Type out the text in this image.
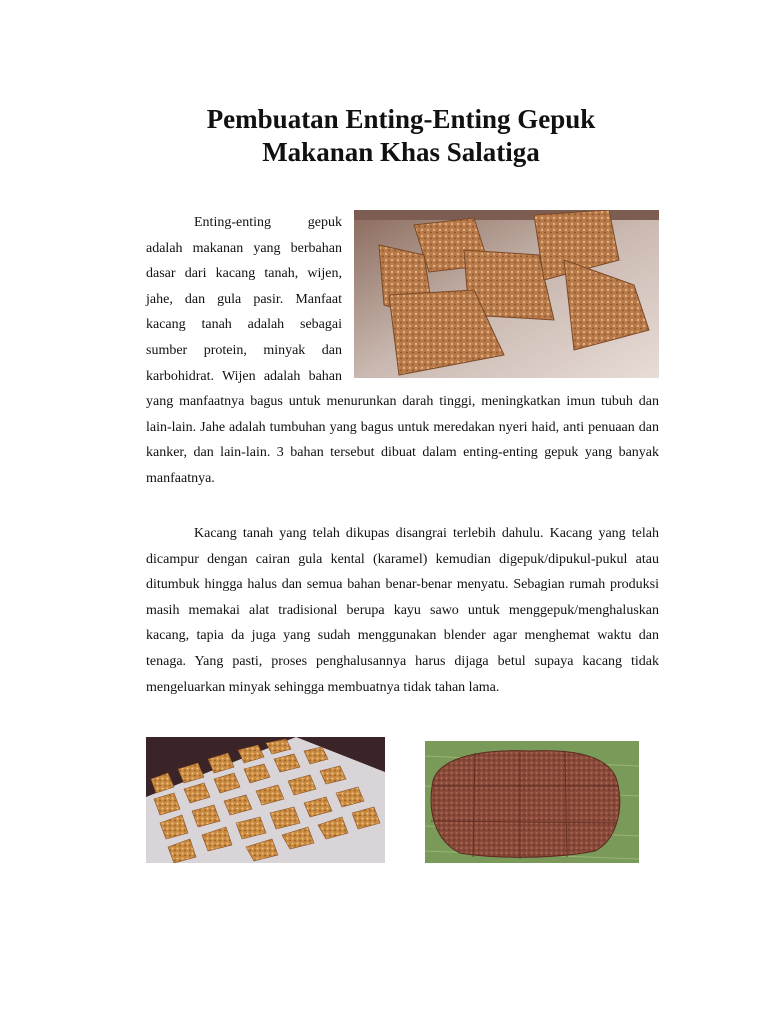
Pembuatan Enting-Enting Gepuk
Makanan Khas Salatiga
Enting-enting gepuk adalah makanan yang berbahan dasar dari kacang tanah, wijen, jahe, dan gula pasir. Manfaat kacang tanah adalah sebagai sumber protein, minyak dan karbohidrat. Wijen adalah bahan yang manfaatnya bagus untuk menurunkan darah tinggi, meningkatkan imun tubuh dan lain-lain. Jahe adalah tumbuhan yang bagus untuk meredakan nyeri haid, anti penuaan dan kanker, dan lain-lain. 3 bahan tersebut dibuat dalam enting-enting gepuk yang banyak manfaatnya.
Kacang tanah yang telah dikupas disangrai terlebih dahulu. Kacang yang telah dicampur dengan cairan gula kental (karamel) kemudian digepuk/dipukul-pukul atau ditumbuk hingga halus dan semua bahan benar-benar menyatu. Sebagian rumah produksi masih memakai alat tradisional berupa kayu sawo untuk menggepuk/menghaluskan kacang, tapia da juga yang sudah menggunakan blender agar menghemat waktu dan tenaga. Yang pasti, proses penghalusannya harus dijaga betul supaya kacang tidak mengeluarkan minyak sehingga membuatnya tidak tahan lama.
